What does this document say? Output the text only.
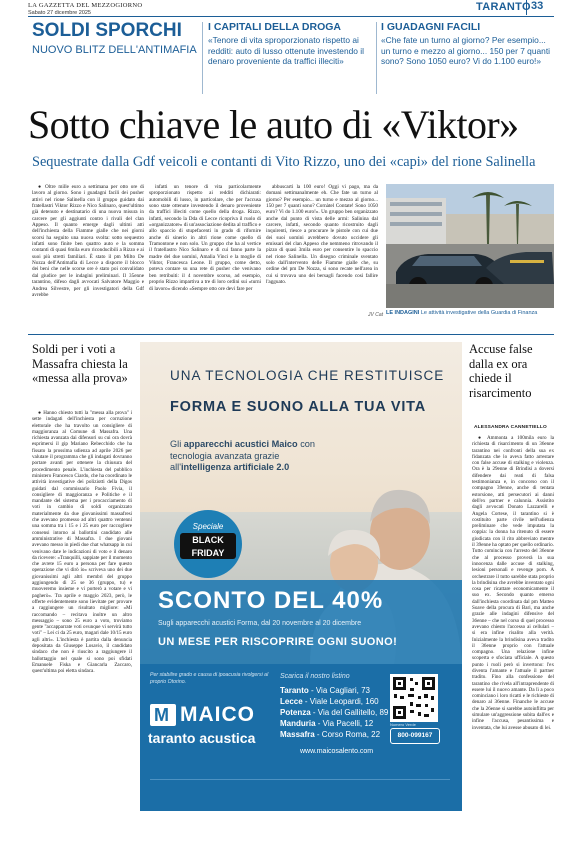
LA GAZZETTA DEL MEZZOGIORNO
Sabato 27 dicembre 2025	TARANTO 33
SOLDI SPORCHI
NUOVO BLITZ DELL'ANTIMAFIA
I CAPITALI DELLA DROGA
«Tenore di vita sproporzionato rispetto ai redditi: auto di lusso ottenute investendo il denaro proveniente da traffici illeciti»
I GUADAGNI FACILI
«Che fate un turno al giorno? Per esempio... un turno e mezzo al giorno... 150 per 7 quanti sono? Sono 1050 euro? Vi do 1.100 euro!»
Sotto chiave le auto di «Viktor»
Sequestrate dalla Gdf veicoli e contanti di Vito Rizzo, uno dei «capi» del rione Salinella

● Oltre mille euro a settimana per otto ore di lavoro al giorno. Sono i guadagni facili dei pusher attivi nel rione Salinella con il gruppo guidato dai fratellastri Viktor Rizzo e Nico Salinaro, quest'ultimo già detenuto e destinatario di una nuova misura in carcere per gli aggiunti contro i rivali del clan Appeso. Il quanto emerge dagli ultimi atti dell'inchiesta della Fiamme gialle che nei giorni scorsi ha seguito una nuova svolta: sotto sequestro infatti sono finite ben quattro auto e la somma contanti di quasi 6mila euro riconducibili a Rizzo e ai suoi più stretti familiari. È stato il pm Milto De Nozza dell'Antimafia di Lecce a disporre il blocco dei beni che nelle scorse ore è stato poi convalidato dal giudice per le indagini preliminari. Il 35enne tarantino, difeso dagli avvocati Salvatore Maggio e Andrea Silvestre, per gli investigatori della Gdf avrebbe

infatti un tenore di vita particolarmente sproporzionato rispetto ai redditi dichiarati: automobili di lusso, in particolare, che per l'accusa sono state ottenute investendo il denaro proveniente da traffici illeciti come quello della droga. Rizzo, infatti, secondo la Dda di Lecce ricopriva il ruolo di «organizzatore» di un'associazione dedita al traffico e allo spaccio di stupefacenti in grado di rifornire anche di sinerio in altri rione come quello di Tramontone e non solo. Un gruppo che ha al vertice il fratellastro Nico Salinaro e di cui fanno parte la madre del due uomini, Amalia Vinci e la moglie di Viktor, Francesca Leone. Il gruppo, come detto, poteva contare su una rete di pusher che venivano ben retribuiti: il 4 novembre scorso, ad esempio, proprio Rizzo impartiva a tre di loro ordini sui «turni di lavoro» dicendo «Sempre otto ore devi fare per

abbuscarti la 100 euro! Oggi vi pago, ma da domani settimanalmente eh. Che fate un turno al giorno? Per esempio... un turno e mezzo al giorno... 150 per 7 quanti sono? Cornàtel Contate! Sono 1050 euro? Vi do 1.100 euro!». Un gruppo ben organizzato anche dal punto di vista delle armi: Salinina dal carcere, infatti, secondo quanto ricostruito dagli inquirenti, riesce a procurare le pistole con cui due dei suoi uomini avrebbero dovuto uccidere gli emissari del clan Appeso che nemmeno ritrovando il pizzo di quasi 3mila euro per consentire lo spaccio nel rione Salinella. Un disegno criminale sventato solo dall'intervento delle Fiamme gialle che, su ordine del pm De Nozza, si sono recate nell'area in cui si trovava uno dei bersagli facendo così fallire l'agguato.

JV Cat LE INDAGINI Le attività investigative della Guardia di Finanza
Soldi per i voti a Massafra chiesta la «messa alla prova»

● Hanno chiesto tutti la "messa alla prova" i sette indagati dell'inchiesta per corruzione elettorale che ha travolto un consigliere di maggioranza al Comune di Massafra. Una richiesta avanzata dai difensori su cui ora dovrà esprimersi il gip Mariano Rebecchido che ha fissato la prossima udienza ad aprile 2026 per valutare il programma che gli indagati dovranno portare avanti per ottenere la chiusura del procedimento penale. L'inchiesta del pubblico ministero Francesco Ciardo, che ha coordinato le attività investigative dei poliziotti della Digos guidati dal commissario Paolo Fivia, il consigliere di maggioranza e Politiche e il mandante del sistema per i procacciamento di voti in cambio di soldi organizzato materialmente da due giovanissimi massafresi che avevano promesso ad altri quattro ventenni una somma tra i 15 e i 25 euro per raccogliere consensi intorno ai ballottini candidato alle amministrative di Massafra. I due giovani avevano messo in piedi due chat whatsapp in cui venivano date le indicazioni di voto e il denaro da ricevere: «Tranquilli, sappiate per il momento che avrete 15 euro a persona per fare questo operazione che vi dirò io» scriveva uno dei due giovanissimi agli altri membri del gruppo aggiungendo di 25 se 36 (gruppo, tu) e muoveremo insieme e vi porterò a votare e vi pagherò». Tra aprile e maggio 2023, però, le offerte evidentemente sono lievitate per provare a raggiungere un risultato migliore: «Mi raccomando – recitava inoltre un altro messaggio – sono 25 euro a voto, troviamo gente "accapparrate voti ovunque vi servirà tutto voti" – Lei ci da 25 euro, magari dale 10/15 euro agli altri». L'inchiesta è partita dalla denuncia depositata da Giuseppe Losavio, il candidato sindaco che non è riuscito a raggiungere il ballottaggio nel quale si sono poi sfidati Emanuele Fiska e Giancarla Zaccaro, quest'ultima poi eletta sindaca.

Accuse false dalla ex ora chiede il risarcimento
ALESSANDRA CANNETIELLO

● Ammonta a 100mila euro la richiesta di risarcimento di un 36enne tarantino nei confronti della sua ex fidanzata che lo aveva fatto arrestare con false accuse di stalking e violenza. Ora è la 29enne di Brindisi a doversi difendere dai reati di falsa testimonianza e, in concorso con il compagno 39enne, anche di tentata estorsione, atti persecutori ai danni dell'ex partner e calunnia. Assistito dagli avvocati Donato Lazzarelli e Angela Cortese, il tarantino si è costituito parte civile nell'udienza preliminare che vede imputata la coppia: la donna ha ritenuto di essere giudicata con il rito abbreviato mentre il 39enne ha optato per quello ordinario. Tutto comincia con l'arresto del 36enne che al processo proverà la sua innocenza dalle accuse di stalking, lesioni personali e revenge porn. A orchestrare il tutto sarebbe stata proprio la brindisina che avrebbe inventato ogni cosa per ricattare economicamente il suo ex. Secondo quanto emerso dall'inchiesta coordinata dal pm Matteo Soave della procura di Bari, ma anche grazie alle indagini difensive del 36enne – che nel corso di quel processo avevano chiesto l'accesso ai cellulari – si era infine risalito alla verità. Inizialmente la brindisina aveva tradito il 36enne proprio con l'attuale compagno. Una relazione infine scoperta e sfociata ufficiale. A questo punto i ruoli però si invertono: l'ex diventa l'amante e l'attuale il partner tradito. Fino alla confessione del tarantino che rivela all'intraprendente di essere lui il nuovo amante. Da lì a poco cominciano i loro ricatti e le richieste di denaro al 36enne. Finanche le accuse che la 26enne si sarebbe autoinflitta per simulare un'aggressione subita dall'ex e infine l'accusa, pesantissima e inventata, che lui avesse abusato di lei.

UNA TECNOLOGIA CHE RESTITUISCE
FORMA E SUONO ALLA TUA VITA
Gli apparecchi acustici Maico con tecnologia avanzata grazie all'intelligenza artificiale 2.0
Speciale
BLACK
FRIDAY
SCONTO DEL 40%
Sugli apparecchi acustici Forma, dal 20 novembre al 20 dicembre
UN MESE PER RISCOPRIRE OGNI SUONO!
Per stabilire grado e causa di ipoacusia rivolgersi al proprio Otorino.
M MAICO
taranto acustica
Scarica il nostro listino
Taranto - Via Cagliari, 73
Lecce - Viale Leopardi, 160
Potenza - Via del Gallitello, 89
Manduria - Via Pacelli, 12
Massafra - Corso Roma, 22
www.maicosalento.com
Numero Verde
800-099167
